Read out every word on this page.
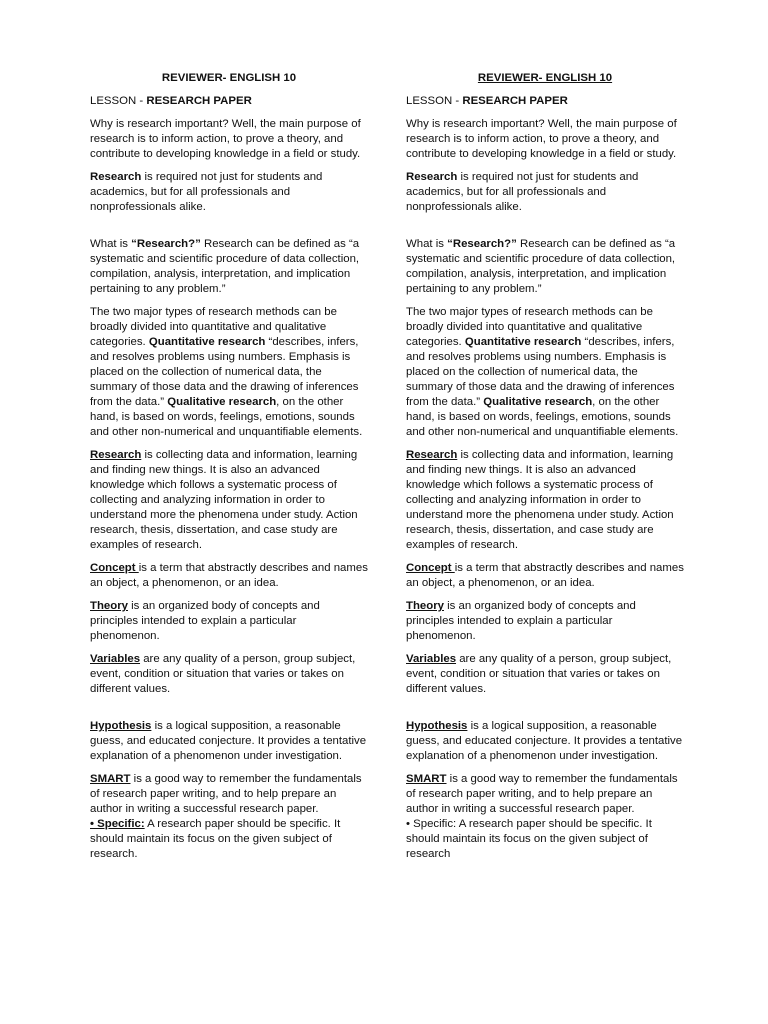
REVIEWER- ENGLISH 10

LESSON - RESEARCH PAPER

Why is research important? Well, the main purpose of research is to inform action, to prove a theory, and contribute to developing knowledge in a field or study.

Research is required not just for students and academics, but for all professionals and nonprofessionals alike.

What is “Research?” Research can be defined as “a systematic and scientific procedure of data collection, compilation, analysis, interpretation, and implication pertaining to any problem.”

The two major types of research methods can be broadly divided into quantitative and qualitative categories. Quantitative research “describes, infers, and resolves problems using numbers. Emphasis is placed on the collection of numerical data, the summary of those data and the drawing of inferences from the data.” Qualitative research, on the other hand, is based on words, feelings, emotions, sounds and other non-numerical and unquantifiable elements.

Research is collecting data and information, learning and finding new things. It is also an advanced knowledge which follows a systematic process of collecting and analyzing information in order to understand more the phenomena under study. Action research, thesis, dissertation, and case study are examples of research.

Concept is a term that abstractly describes and names an object, a phenomenon, or an idea.

Theory is an organized body of concepts and principles intended to explain a particular phenomenon.

Variables are any quality of a person, group subject, event, condition or situation that varies or takes on different values.

Hypothesis is a logical supposition, a reasonable guess, and educated conjecture. It provides a tentative explanation of a phenomenon under investigation.

SMART is a good way to remember the fundamentals of research paper writing, and to help prepare an author in writing a successful research paper.
• Specific: A research paper should be specific. It should maintain its focus on the given subject of research.

REVIEWER- ENGLISH 10

LESSON - RESEARCH PAPER

Why is research important? Well, the main purpose of research is to inform action, to prove a theory, and contribute to developing knowledge in a field or study.

Research is required not just for students and academics, but for all professionals and nonprofessionals alike.

What is “Research?” Research can be defined as “a systematic and scientific procedure of data collection, compilation, analysis, interpretation, and implication pertaining to any problem.”

The two major types of research methods can be broadly divided into quantitative and qualitative categories. Quantitative research “describes, infers, and resolves problems using numbers. Emphasis is placed on the collection of numerical data, the summary of those data and the drawing of inferences from the data.” Qualitative research, on the other hand, is based on words, feelings, emotions, sounds and other non-numerical and unquantifiable elements.

Research is collecting data and information, learning and finding new things. It is also an advanced knowledge which follows a systematic process of collecting and analyzing information in order to understand more the phenomena under study. Action research, thesis, dissertation, and case study are examples of research.

Concept is a term that abstractly describes and names an object, a phenomenon, or an idea.

Theory is an organized body of concepts and principles intended to explain a particular phenomenon.

Variables are any quality of a person, group subject, event, condition or situation that varies or takes on different values.

Hypothesis is a logical supposition, a reasonable guess, and educated conjecture. It provides a tentative explanation of a phenomenon under investigation.

SMART is a good way to remember the fundamentals of research paper writing, and to help prepare an author in writing a successful research paper.
• Specific: A research paper should be specific. It should maintain its focus on the given subject of research
